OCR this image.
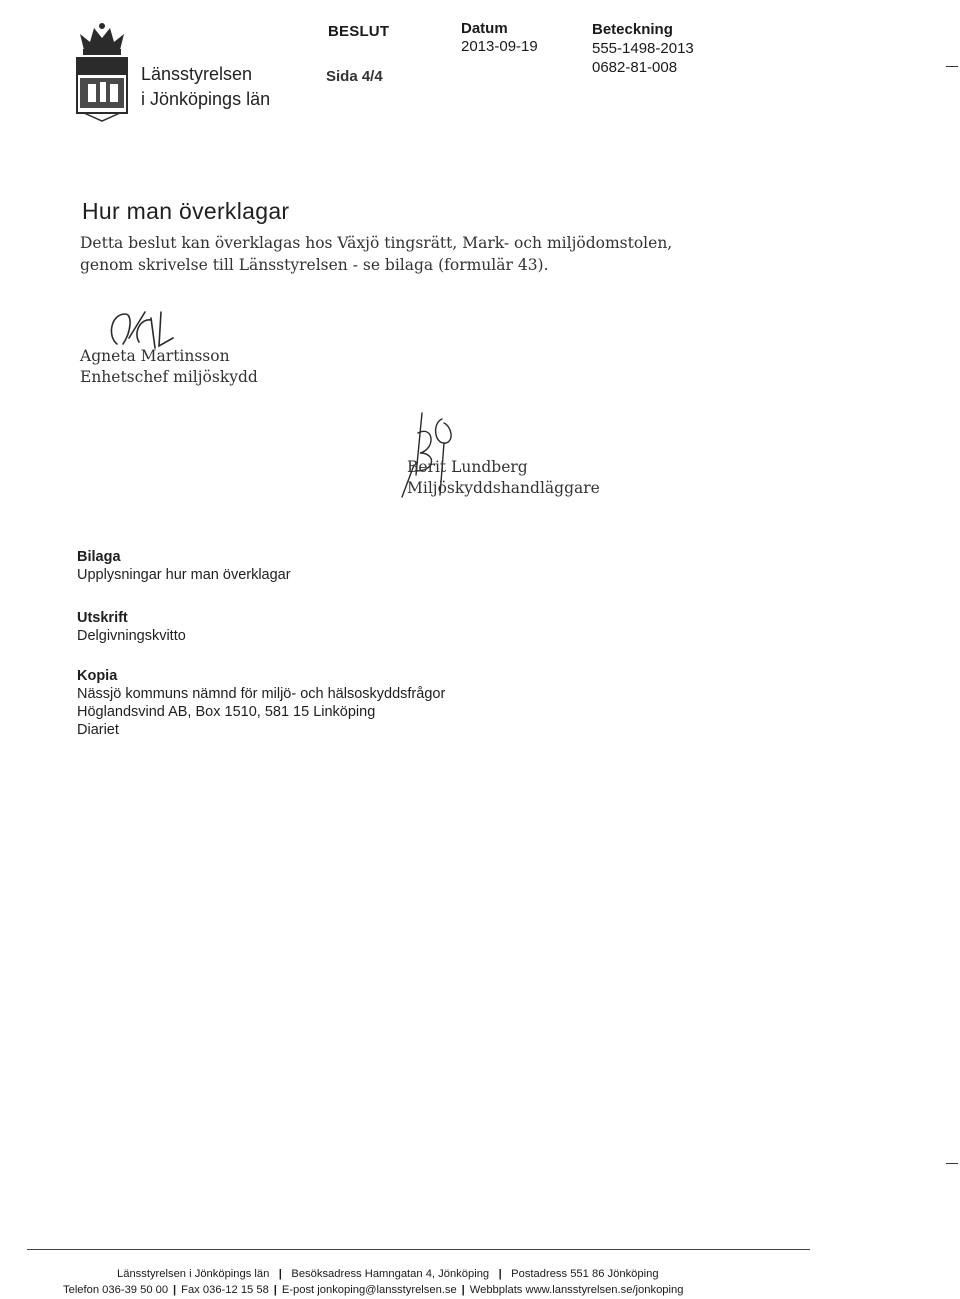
Länsstyrelsen
i Jönköpings län
BESLUT
Sida 4/4
Datum
2013-09-19
Beteckning
555-1498-2013
0682-81-008
Hur man överklagar
Detta beslut kan överklagas hos Växjö tingsrätt, Mark- och miljödomstolen, genom skrivelse till Länsstyrelsen - se bilaga (formulär 43).
Agneta Martinsson
Enhetschef miljöskydd
Berit Lundberg
Miljöskyddshandläggare
Bilaga
Upplysningar hur man överklagar
Utskrift
Delgivningskvitto
Kopia
Nässjö kommuns nämnd för miljö- och hälsoskyddsfrågor
Höglandsvind AB, Box 1510, 581 15 Linköping
Diariet
Länsstyrelsen i Jönköpings län | Besöksadress Hamngatan 4, Jönköping | Postadress 551 86 Jönköping
Telefon 036-39 50 00 | Fax 036-12 15 58 | E-post jonkoping@lansstyrelsen.se | Webbplats www.lansstyrelsen.se/jonkoping
